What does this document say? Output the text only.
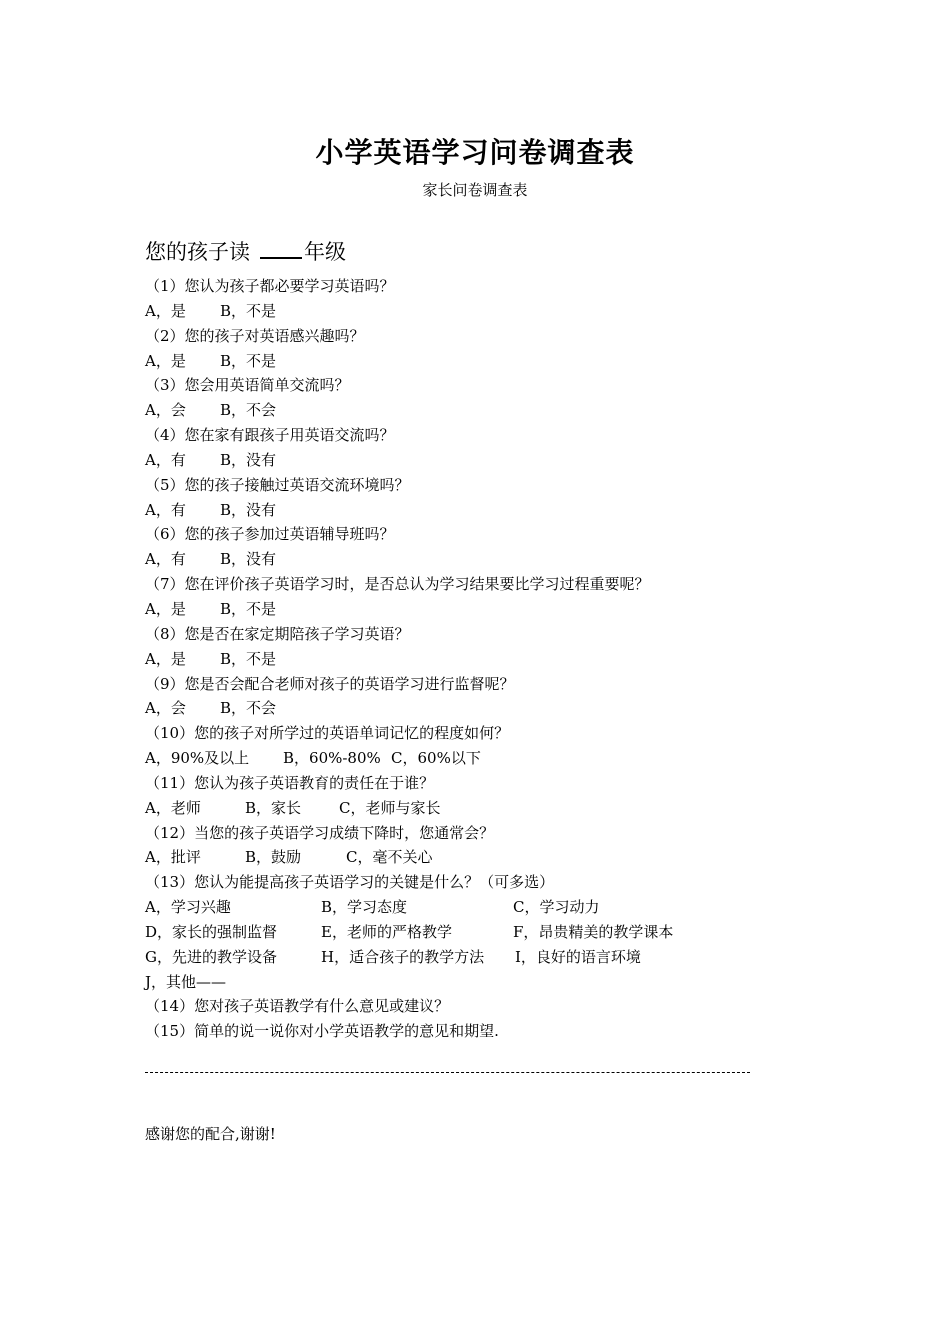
小学英语学习问卷调查表
家长问卷调查表
您的孩子读	年级
（1）您认为孩子都必要学习英语吗？
A，是	B，不是
（2）您的孩子对英语感兴趣吗？
A，是	B，不是
（3）您会用英语简单交流吗？
A，会	B，不会
（4）您在家有跟孩子用英语交流吗？
A，有	B，没有
（5）您的孩子接触过英语交流环境吗？
A，有	B，没有
（6）您的孩子参加过英语辅导班吗？
A，有	B，没有
（7）您在评价孩子英语学习时，是否总认为学习结果要比学习过程重要呢？
A，是	B，不是
（8）您是否在家定期陪孩子学习英语？
A，是	B，不是
（9）您是否会配合老师对孩子的英语学习进行监督呢？
A，会	B，不会
（10）您的孩子对所学过的英语单词记忆的程度如何？
A，90%及以上	B，60%-80% C，60%以下
（11）您认为孩子英语教育的责任在于谁？
A，老师	B，家长	C，老师与家长
（12）当您的孩子英语学习成绩下降时，您通常会？
A，批评	B，鼓励	C，毫不关心
（13）您认为能提高孩子英语学习的关键是什么？（可多选）
A，学习兴趣	B，学习态度	C，学习动力
D，家长的强制监督	E，老师的严格教学	F，昂贵精美的教学课本
G，先进的教学设备	H，适合孩子的教学方法	I，良好的语言环境
J，其他——
（14）您对孩子英语教学有什么意见或建议？
（15）简单的说一说你对小学英语教学的意见和期望.
感谢您的配合,谢谢!
